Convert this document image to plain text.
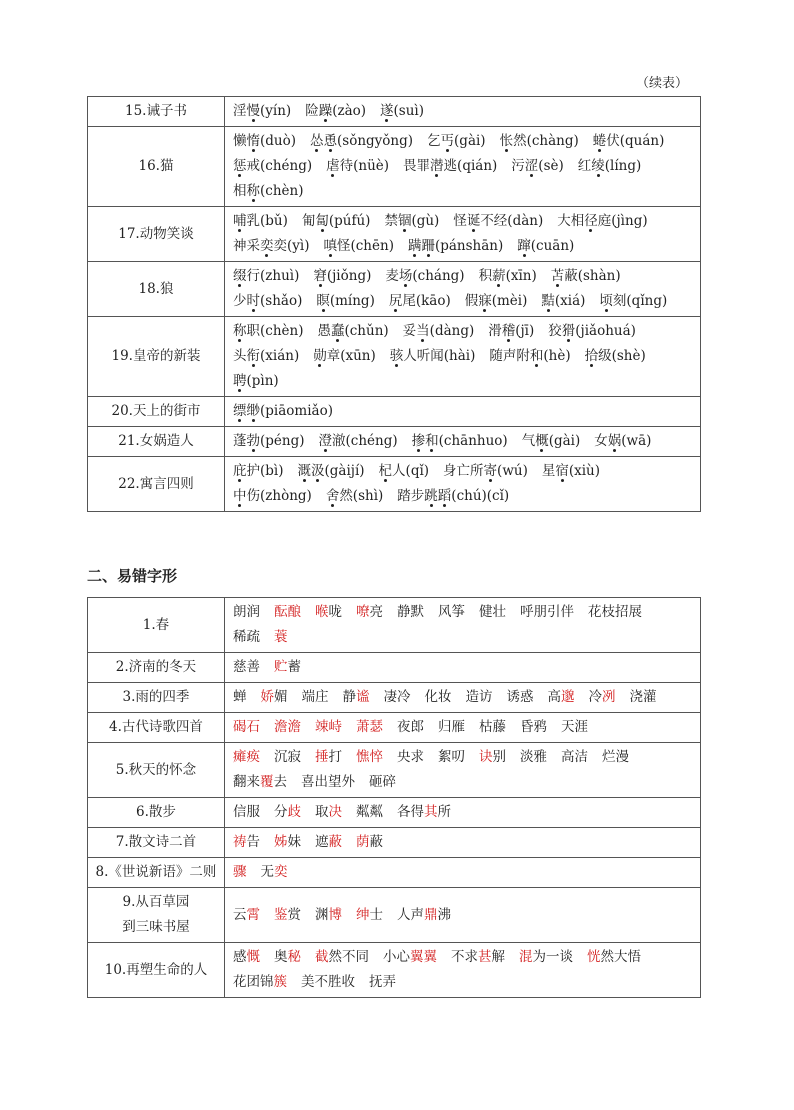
（续表）
15.诫子书	淫慢(yín) 险躁(zào) 遂(suì)
16.猫	懒惰(duò) 怂恿(sǒngyǒng) 乞丐(gài) 怅然(chàng) 蜷伏(quán)惩戒(chéng) 虐待(nüè) 畏罪潜逃(qián) 污涩(sè) 红绫(líng)相称(chèn)
17.动物笑谈	哺乳(bǔ) 匍匐(púfú) 禁锢(gù) 怪诞不经(dàn) 大相径庭(jìng)神采奕奕(yì) 嗔怪(chēn) 蹒跚(pánshān) 蹿(cuān)
18.狼	缀行(zhuì) 窘(jiǒng) 麦场(cháng) 积薪(xīn) 苫蔽(shàn)少时(shǎo) 瞑(míng) 尻尾(kāo) 假寐(mèi) 黠(xiá) 顷刻(qǐng)
19.皇帝的新装	称职(chèn) 愚蠢(chǔn) 妥当(dàng) 滑稽(jī) 狡猾(jiǎohuá)头衔(xián) 勋章(xūn) 骇人听闻(hài) 随声附和(hè) 拾级(shè)聘(pìn)
20.天上的街市	缥缈(piāomiǎo)
21.女娲造人	蓬勃(péng) 澄澈(chéng) 掺和(chānhuo) 气概(gài) 女娲(wā)
22.寓言四则	庇护(bì) 溉汲(gàijí) 杞人(qǐ) 身亡所寄(wú) 星宿(xiù)中伤(zhòng) 舍然(shì) 踏步跳蹈(chú)(cǐ)
二、易错字形
1.春	朗润 酝酿 喉咙 嘹亮 静默 风筝 健壮 呼朋引伴 花枝招展稀疏 蓑
2.济南的冬天	慈善 贮蓄
3.雨的四季	蝉 娇媚 端庄 静谧 凄冷 化妆 造访 诱惑 高邈 冷冽 浇灌
4.古代诗歌四首	碣石 澹澹 竦峙 萧瑟 夜郎 归雁 枯藤 昏鸦 天涯
5.秋天的怀念	瘫痪 沉寂 捶打 憔悴 央求 絮叨 诀别 淡雅 高洁 烂漫翻来覆去 喜出望外 砸碎
6.散步	信服 分歧 取决 粼粼 各得其所
7.散文诗二首	祷告 姊妹 遮蔽 荫蔽
8.《世说新语》二则	骤 无奕
9.从百草园
到三味书屋	云霄 鉴赏 渊博 绅士 人声鼎沸
10.再塑生命的人	感慨 奥秘 截然不同 小心翼翼 不求甚解 混为一谈 恍然大悟花团锦簇 美不胜收 抚弄
